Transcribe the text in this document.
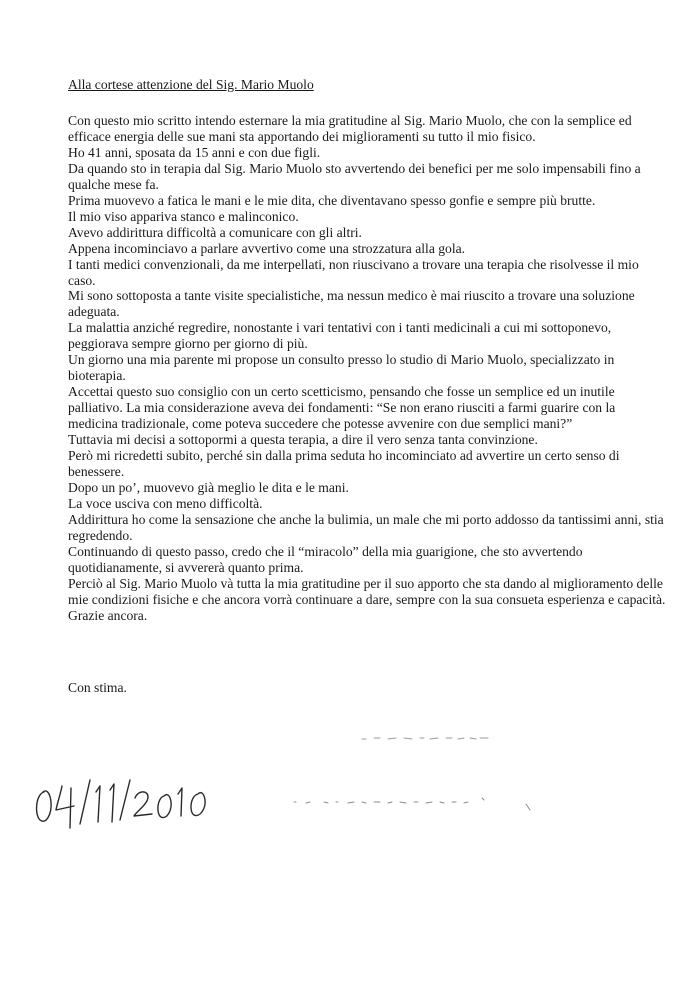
Alla cortese attenzione del Sig. Mario Muolo
Con questo mio scritto intendo esternare la mia gratitudine al Sig. Mario Muolo, che con la semplice ed efficace energia delle sue mani sta apportando dei miglioramenti su tutto il mio fisico.
Ho 41 anni, sposata da 15 anni e con due figli.
Da quando sto in terapia dal Sig. Mario Muolo sto avvertendo dei benefici per me solo impensabili fino a qualche mese fa.
Prima muovevo a fatica le mani e le mie dita, che diventavano spesso gonfie e sempre più brutte.
Il mio viso appariva stanco e malinconico.
Avevo addirittura difficoltà a comunicare con gli altri.
Appena incominciavo a parlare avvertivo come una strozzatura alla gola.
I tanti medici convenzionali, da me interpellati, non riuscivano a trovare una terapia che risolvesse il mio caso.
Mi sono sottoposta a tante visite specialistiche, ma nessun medico è mai riuscito a trovare una soluzione adeguata.
La malattia anziché regredire, nonostante i vari tentativi con i tanti medicinali a cui mi sottoponevo, peggiorava sempre giorno per giorno di più.
Un giorno una mia parente mi propose un consulto presso lo studio di Mario Muolo, specializzato in bioterapia.
Accettai questo suo consiglio con un certo scetticismo, pensando che fosse un semplice ed un inutile palliativo. La mia considerazione aveva dei fondamenti: “Se non erano riusciti a farmi guarire con la medicina tradizionale, come poteva succedere che potesse avvenire con due semplici mani?”
Tuttavia mi decisi a sottopormi a questa terapia, a dire il vero senza tanta convinzione.
Però mi ricredetti subito, perché sin dalla prima seduta ho incominciato ad avvertire un certo senso di benessere.
Dopo un po’, muovevo già meglio le dita e le mani.
La voce usciva con meno difficoltà.
Addirittura ho come la sensazione che anche la bulimia, un male che mi porto addosso da tantissimi anni, stia regredendo.
Continuando di questo passo, credo che il “miracolo” della mia guarigione, che sto avvertendo quotidianamente, si avvererà quanto prima.
Perciò al Sig. Mario Muolo và tutta la mia gratitudine per il suo apporto che sta dando al miglioramento delle mie condizioni fisiche e che ancora vorrà continuare a dare, sempre con la sua consueta esperienza e capacità.
Grazie ancora.
Con stima.
